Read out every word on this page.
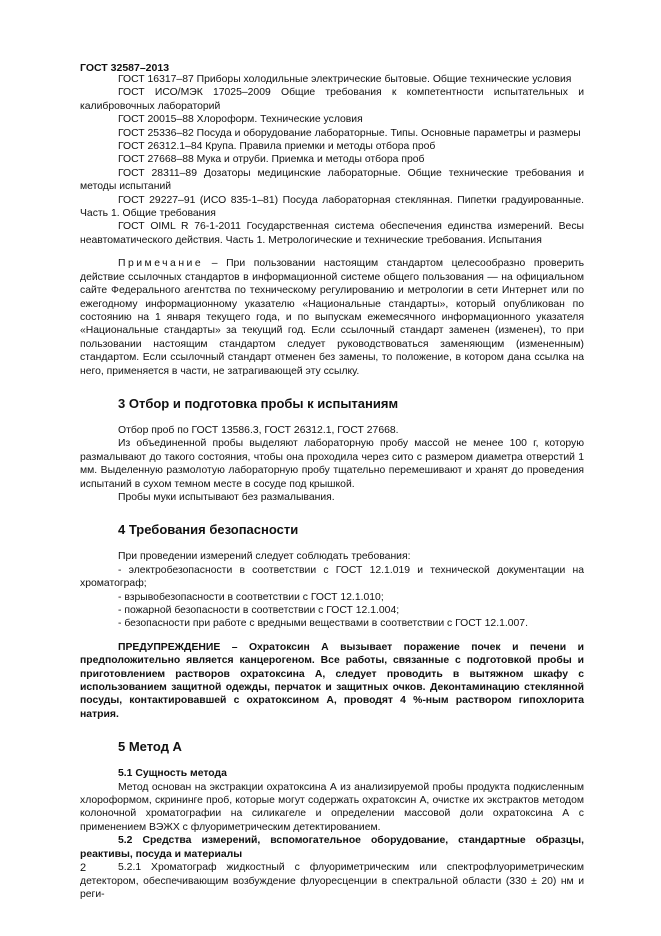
ГОСТ 32587–2013

ГОСТ 16317–87 Приборы холодильные электрические бытовые. Общие технические условия

ГОСТ ИСО/МЭК 17025–2009 Общие требования к компетентности испытательных и калибровочных лабораторий

ГОСТ 20015–88 Хлороформ. Технические условия

ГОСТ 25336–82 Посуда и оборудование лабораторные. Типы. Основные параметры и размеры

ГОСТ 26312.1–84 Крупа. Правила приемки и методы отбора проб

ГОСТ 27668–88 Мука и отруби. Приемка и методы отбора проб

ГОСТ 28311–89 Дозаторы медицинские лабораторные. Общие технические требования и методы испытаний

ГОСТ 29227–91 (ИСО 835-1–81) Посуда лабораторная стеклянная. Пипетки градуированные. Часть 1. Общие требования

ГОСТ OIML R 76-1-2011 Государственная система обеспечения единства измерений. Весы неавтоматического действия. Часть 1. Метрологические и технические требования. Испытания

Примечание – При пользовании настоящим стандартом целесообразно проверить действие ссылочных стандартов в информационной системе общего пользования — на официальном сайте Федерального агентства по техническому регулированию и метрологии в сети Интернет или по ежегодному информационному указателю «Национальные стандарты», который опубликован по состоянию на 1 января текущего года, и по выпускам ежемесячного информационного указателя «Национальные стандарты» за текущий год. Если ссылочный стандарт заменен (изменен), то при пользовании настоящим стандартом следует руководствоваться заменяющим (измененным) стандартом. Если ссылочный стандарт отменен без замены, то положение, в котором дана ссылка на него, применяется в части, не затрагивающей эту ссылку.

3 Отбор и подготовка пробы к испытаниям

Отбор проб по ГОСТ 13586.3, ГОСТ 26312.1, ГОСТ 27668.

Из объединенной пробы выделяют лабораторную пробу массой не менее 100 г, которую размалывают до такого состояния, чтобы она проходила через сито с размером диаметра отверстий 1 мм. Выделенную размолотую лабораторную пробу тщательно перемешивают и хранят до проведения испытаний в сухом темном месте в сосуде под крышкой.

Пробы муки испытывают без размалывания.

4 Требования безопасности

При проведении измерений следует соблюдать требования:

- электробезопасности в соответствии с ГОСТ 12.1.019 и технической документации на хроматограф;

- взрывобезопасности в соответствии с ГОСТ 12.1.010;

- пожарной безопасности в соответствии с ГОСТ 12.1.004;

- безопасности при работе с вредными веществами в соответствии с ГОСТ 12.1.007.

ПРЕДУПРЕЖДЕНИЕ – Охратоксин А вызывает поражение почек и печени и предположительно является канцерогеном. Все работы, связанные с подготовкой пробы и приготовлением растворов охратоксина А, следует проводить в вытяжном шкафу с использованием защитной одежды, перчаток и защитных очков. Деконтаминацию стеклянной посуды, контактировавшей с охратоксином А, проводят 4 %-ным раствором гипохлорита натрия.

5 Метод А

5.1 Сущность метода

Метод основан на экстракции охратоксина А из анализируемой пробы продукта подкисленным хлороформом, скрининге проб, которые могут содержать охратоксин А, очистке их экстрактов методом колоночной хроматографии на силикагеле и определении массовой доли охратоксина А с применением ВЭЖХ с флуориметрическим детектированием.

5.2 Средства измерений, вспомогательное оборудование, стандартные образцы, реактивы, посуда и материалы

5.2.1 Хроматограф жидкостный с флуориметрическим или спектрофлуориметрическим детектором, обеспечивающим возбуждение флуоресценции в спектральной области (330 ± 20) нм и реги-

2
